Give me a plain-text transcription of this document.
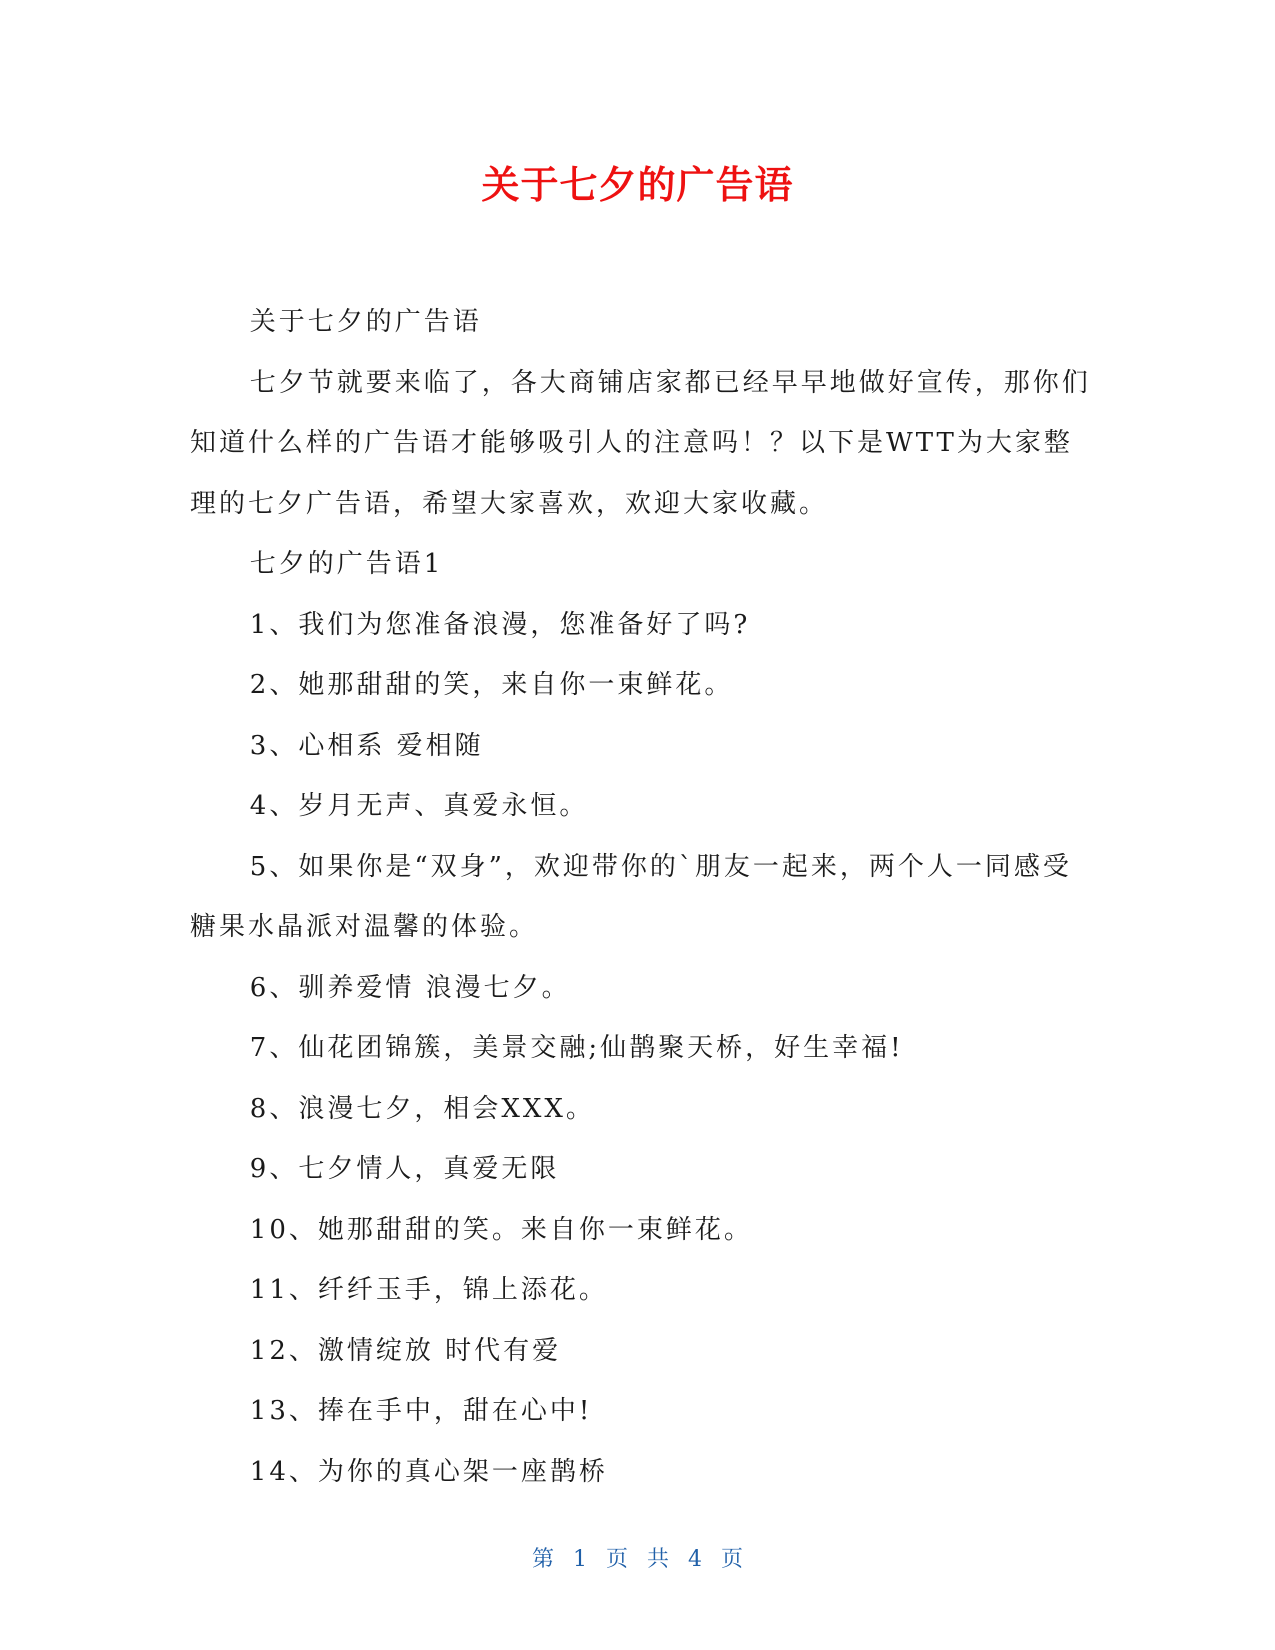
关于七夕的广告语

关于七夕的广告语

七夕节就要来临了，各大商铺店家都已经早早地做好宣传，那你们知道什么样的广告语才能够吸引人的注意吗！？以下是WTT为大家整理的七夕广告语，希望大家喜欢，欢迎大家收藏。

七夕的广告语1

1、我们为您准备浪漫，您准备好了吗?

2、她那甜甜的笑，来自你一束鲜花。

3、心相系 爱相随

4、岁月无声、真爱永恒。

5、如果你是“双身”，欢迎带你的`朋友一起来，两个人一同感受糖果水晶派对温馨的体验。

6、驯养爱情 浪漫七夕。

7、仙花团锦簇，美景交融;仙鹊聚天桥，好生幸福!

8、浪漫七夕，相会XXX。

9、七夕情人，真爱无限

10、她那甜甜的笑。来自你一束鲜花。

11、纤纤玉手，锦上添花。

12、激情绽放 时代有爱

13、捧在手中，甜在心中!

14、为你的真心架一座鹊桥

第 1 页 共 4 页
